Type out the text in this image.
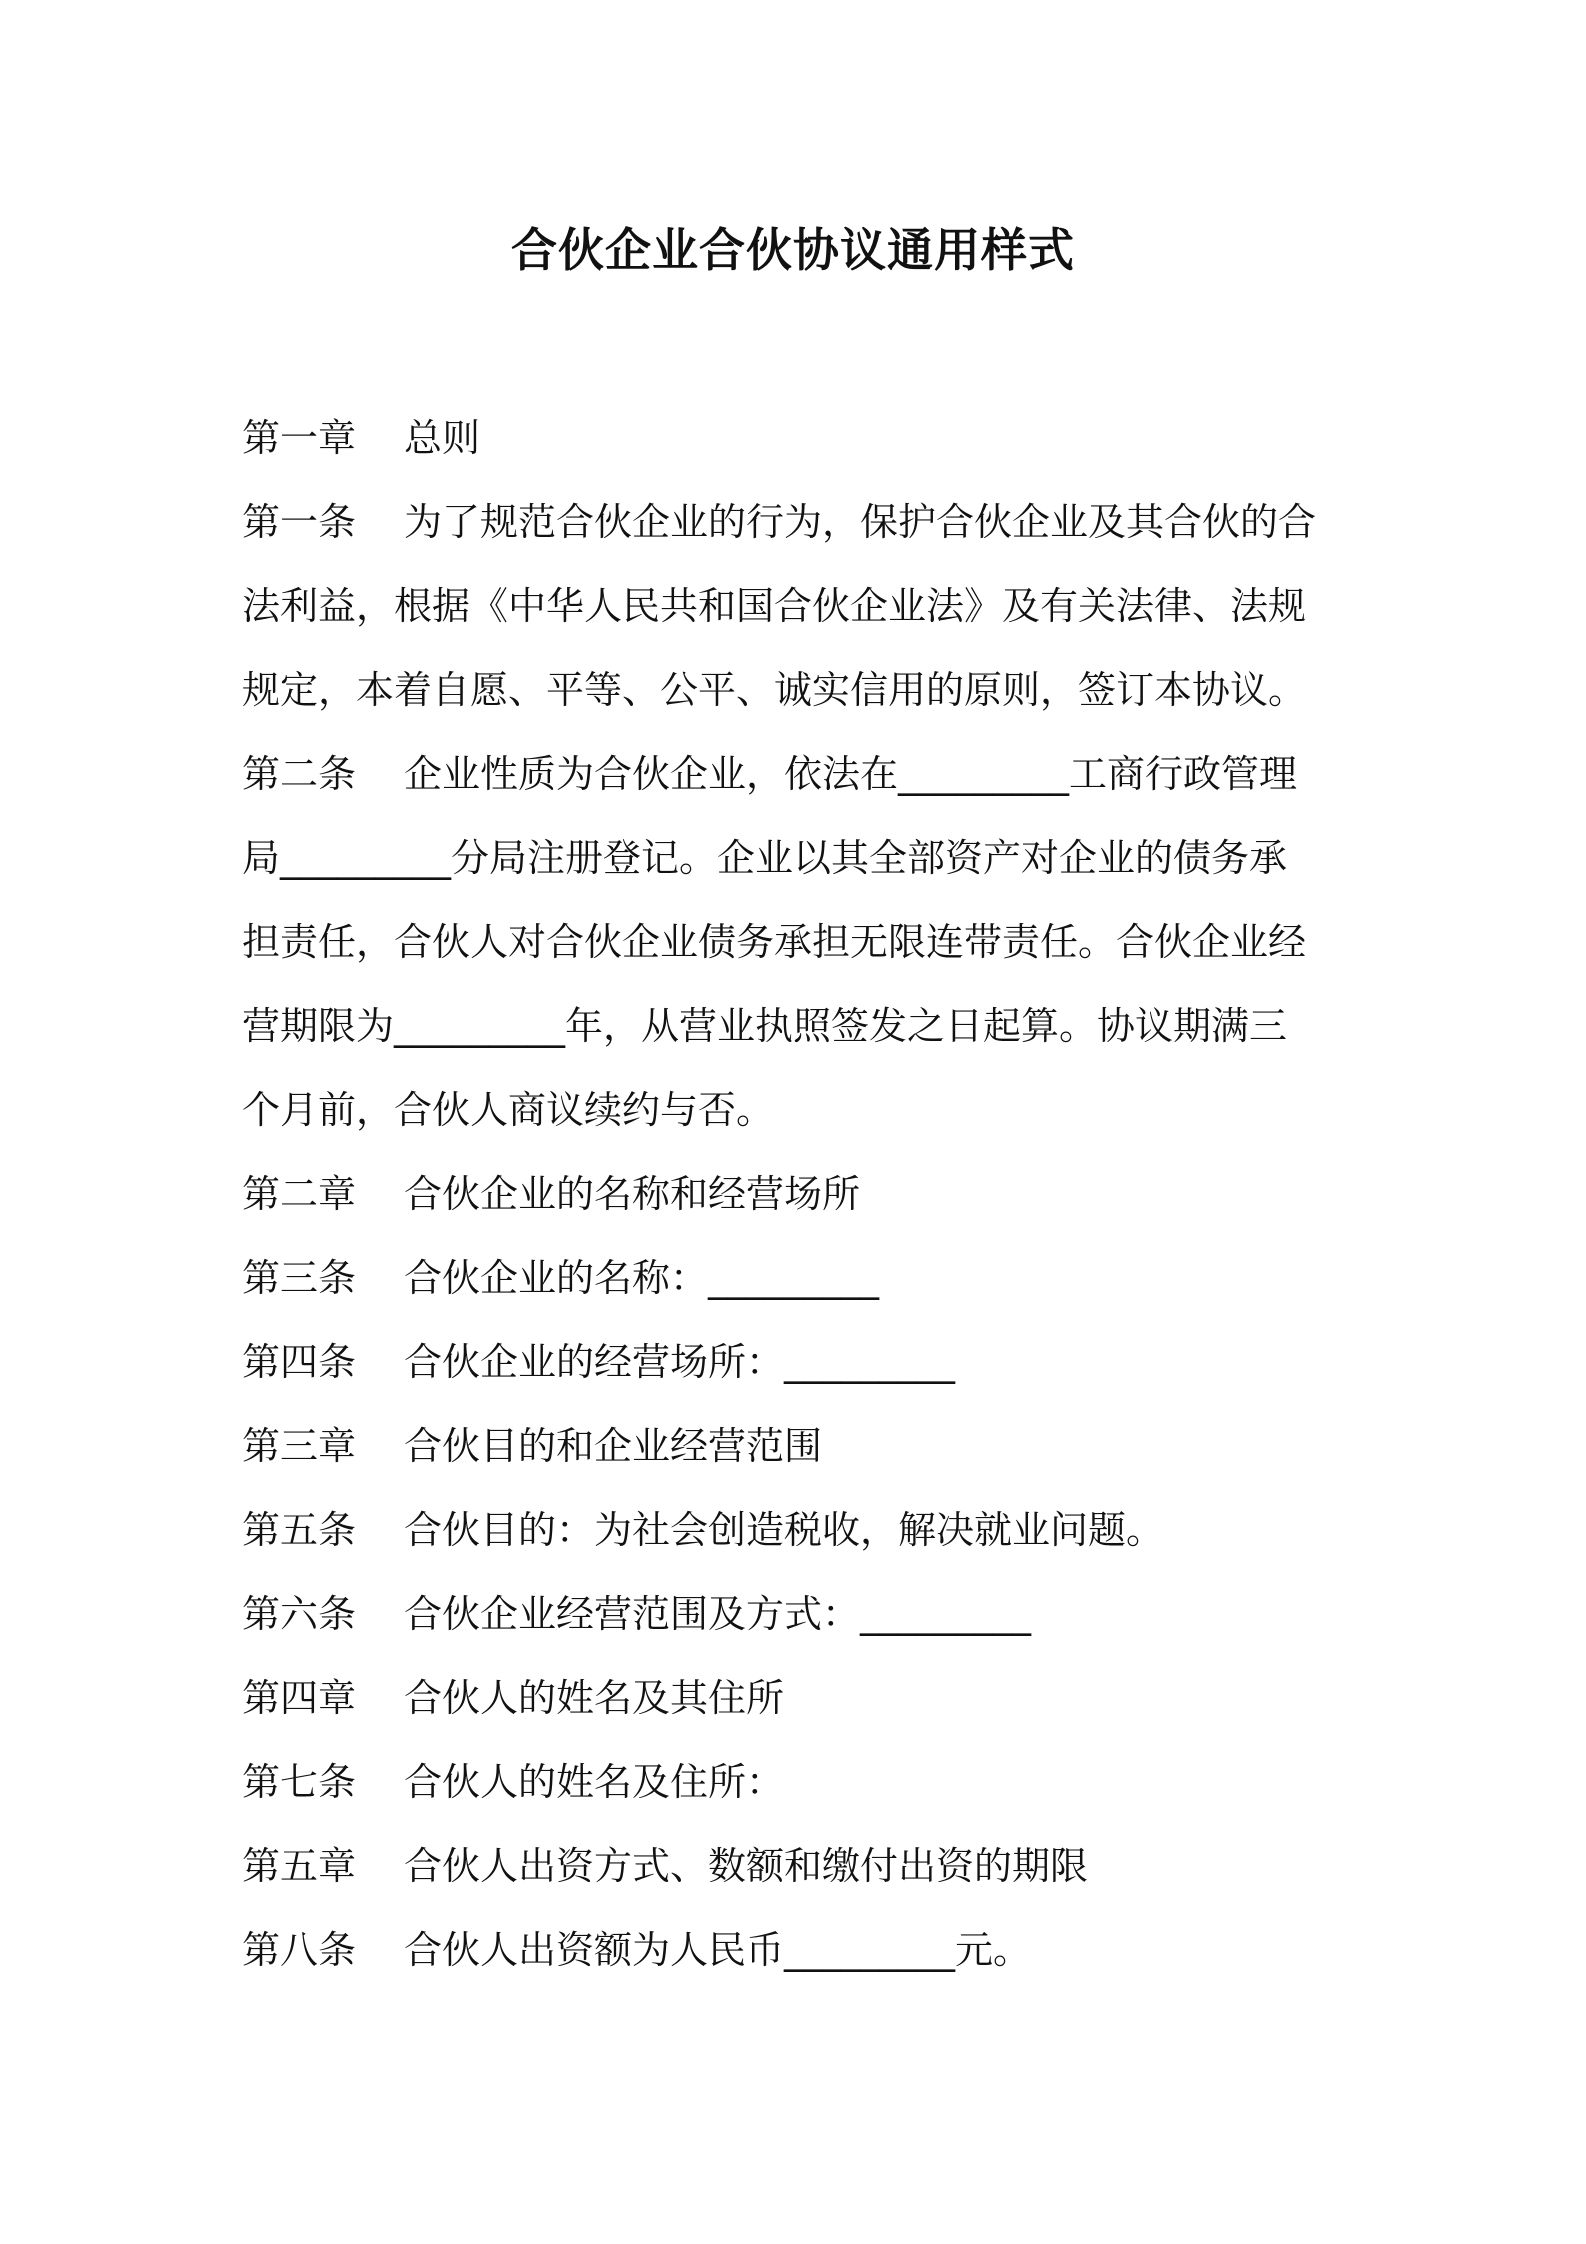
合伙企业合伙协议通用样式
第一章 总则
第一条 为了规范合伙企业的行为，保护合伙企业及其合伙的合
法利益，根据《中华人民共和国合伙企业法》及有关法律、法规
规定，本着自愿、平等、公平、诚实信用的原则，签订本协议。
第二条 企业性质为合伙企业，依法在_________工商行政管理
局_________分局注册登记。企业以其全部资产对企业的债务承
担责任，合伙人对合伙企业债务承担无限连带责任。合伙企业经
营期限为_________年，从营业执照签发之日起算。协议期满三
个月前，合伙人商议续约与否。
第二章 合伙企业的名称和经营场所
第三条 合伙企业的名称：_________
第四条 合伙企业的经营场所：_________
第三章 合伙目的和企业经营范围
第五条 合伙目的：为社会创造税收，解决就业问题。
第六条 合伙企业经营范围及方式：_________
第四章 合伙人的姓名及其住所
第七条 合伙人的姓名及住所：
第五章 合伙人出资方式、数额和缴付出资的期限
第八条 合伙人出资额为人民币_________元。
